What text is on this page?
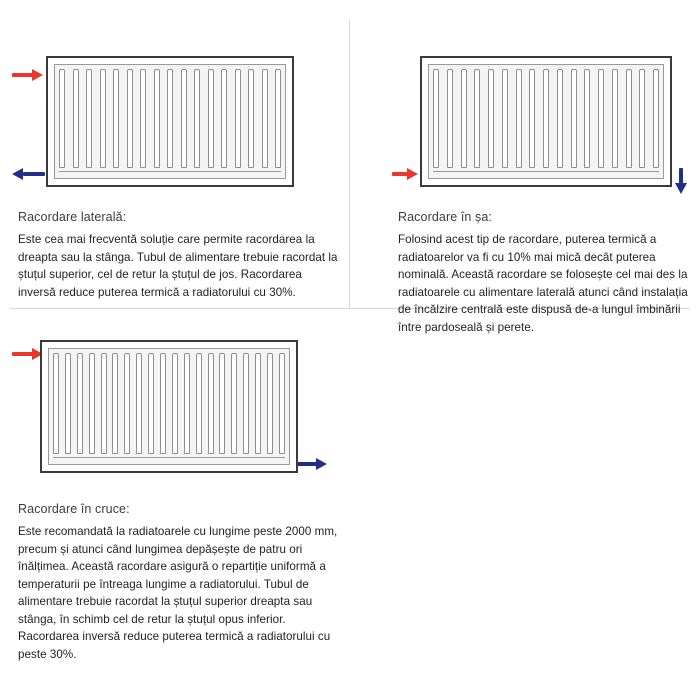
Racordare laterală:

Este cea mai frecventă soluție care permite racordarea la dreapta sau la stânga. Tubul de alimentare trebuie racordat la ștuțul superior, cel de retur la ștuțul de jos. Racordarea inversă reduce puterea termică a radiatorului cu 30%.

Racordare în șa:

Folosind acest tip de racordare, puterea termică a radiatoarelor va fi cu 10% mai mică decât puterea nominală. Această racordare se folosește cel mai des la radiatoarele cu alimentare laterală atunci când instalația de încălzire centrală este dispusă de-a lungul îmbinării între pardoseală și perete.

Racordare în cruce:

Este recomandată la radiatoarele cu lungime peste 2000 mm, precum și atunci când lungimea depășește de patru ori înălțimea. Această racordare asigură o repartiție uniformă a temperaturii pe întreaga lungime a radiatorului. Tubul de alimentare trebuie racordat la ștuțul superior dreapta sau stânga, în schimb cel de retur la ștuțul opus inferior. Racordarea inversă reduce puterea termică a radiatorului cu peste 30%.
